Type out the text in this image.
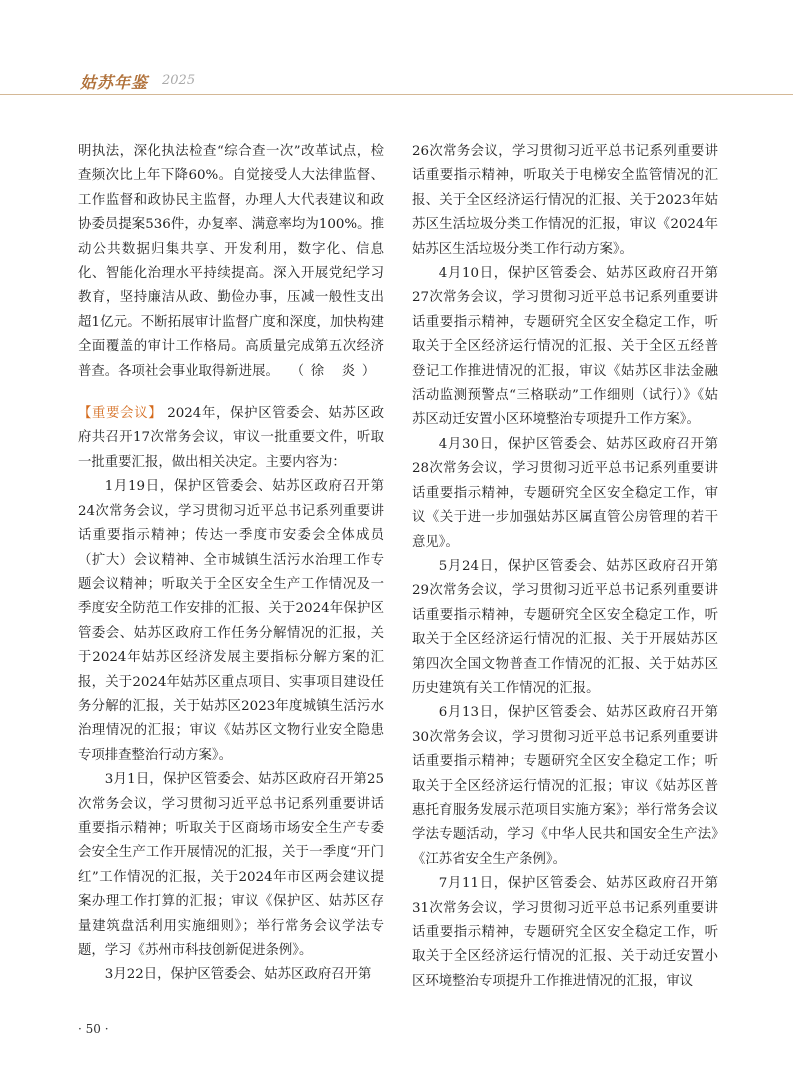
姑苏年鉴 2025

明执法，深化执法检查“综合查一次”改革试点，检查频次比上年下降60%。自觉接受人大法律监督、工作监督和政协民主监督，办理人大代表建议和政协委员提案536件，办复率、满意率均为100%。推动公共数据归集共享、开发利用，数字化、信息化、智能化治理水平持续提高。深入开展党纪学习教育，坚持廉洁从政、勤俭办事，压减一般性支出超1亿元。不断拓展审计监督广度和深度，加快构建全面覆盖的审计工作格局。高质量完成第五次经济普查。各项社会事业取得新进展。 （徐 炎）

【重要会议】 2024年，保护区管委会、姑苏区政府共召开17次常务会议，审议一批重要文件，听取一批重要汇报，做出相关决定。主要内容为：

1月19日，保护区管委会、姑苏区政府召开第24次常务会议，学习贯彻习近平总书记系列重要讲话重要指示精神；传达一季度市安委会全体成员（扩大）会议精神、全市城镇生活污水治理工作专题会议精神；听取关于全区安全生产工作情况及一季度安全防范工作安排的汇报、关于2024年保护区管委会、姑苏区政府工作任务分解情况的汇报，关于2024年姑苏区经济发展主要指标分解方案的汇报，关于2024年姑苏区重点项目、实事项目建设任务分解的汇报，关于姑苏区2023年度城镇生活污水治理情况的汇报；审议《姑苏区文物行业安全隐患专项排查整治行动方案》。

3月1日，保护区管委会、姑苏区政府召开第25次常务会议，学习贯彻习近平总书记系列重要讲话重要指示精神；听取关于区商场市场安全生产专委会安全生产工作开展情况的汇报，关于一季度“开门红”工作情况的汇报，关于2024年市区两会建议提案办理工作打算的汇报；审议《保护区、姑苏区存量建筑盘活利用实施细则》；举行常务会议学法专题，学习《苏州市科技创新促进条例》。

3月22日，保护区管委会、姑苏区政府召开第

26次常务会议，学习贯彻习近平总书记系列重要讲话重要指示精神，听取关于电梯安全监管情况的汇报、关于全区经济运行情况的汇报、关于2023年姑苏区生活垃圾分类工作情况的汇报，审议《2024年姑苏区生活垃圾分类工作行动方案》。

4月10日，保护区管委会、姑苏区政府召开第27次常务会议，学习贯彻习近平总书记系列重要讲话重要指示精神，专题研究全区安全稳定工作，听取关于全区经济运行情况的汇报、关于全区五经普登记工作推进情况的汇报，审议《姑苏区非法金融活动监测预警点“三格联动”工作细则（试行）》《姑苏区动迁安置小区环境整治专项提升工作方案》。

4月30日，保护区管委会、姑苏区政府召开第28次常务会议，学习贯彻习近平总书记系列重要讲话重要指示精神，专题研究全区安全稳定工作，审议《关于进一步加强姑苏区属直管公房管理的若干意见》。

5月24日，保护区管委会、姑苏区政府召开第29次常务会议，学习贯彻习近平总书记系列重要讲话重要指示精神，专题研究全区安全稳定工作，听取关于全区经济运行情况的汇报、关于开展姑苏区第四次全国文物普查工作情况的汇报、关于姑苏区历史建筑有关工作情况的汇报。

6月13日，保护区管委会、姑苏区政府召开第30次常务会议，学习贯彻习近平总书记系列重要讲话重要指示精神；专题研究全区安全稳定工作；听取关于全区经济运行情况的汇报；审议《姑苏区普惠托育服务发展示范项目实施方案》；举行常务会议学法专题活动，学习《中华人民共和国安全生产法》《江苏省安全生产条例》。

7月11日，保护区管委会、姑苏区政府召开第31次常务会议，学习贯彻习近平总书记系列重要讲话重要指示精神，专题研究全区安全稳定工作，听取关于全区经济运行情况的汇报、关于动迁安置小区环境整治专项提升工作推进情况的汇报，审议

· 50 ·
